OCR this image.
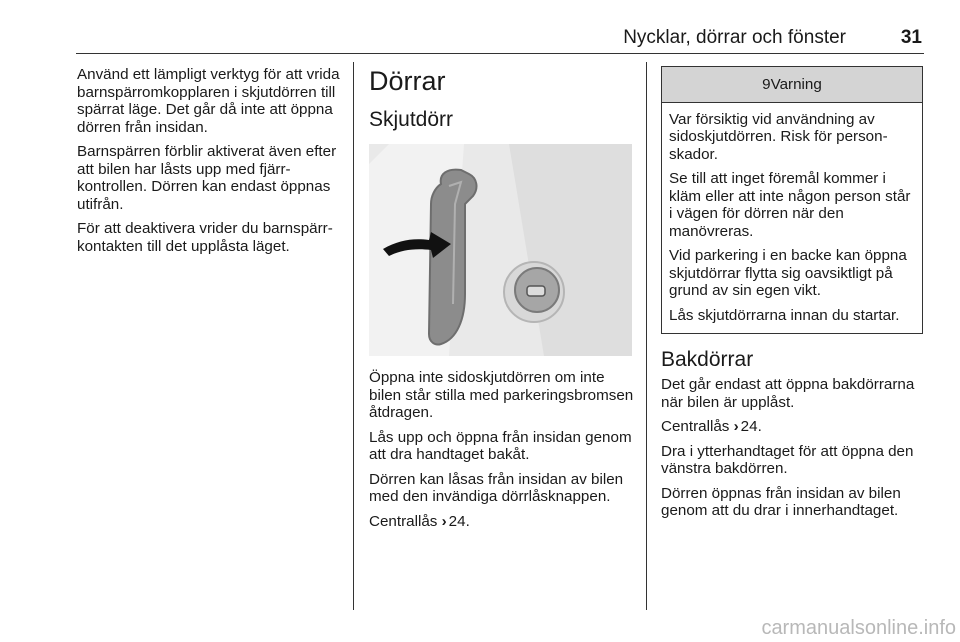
Nycklar, dörrar och fönster	31

Använd ett lämpligt verktyg för att vrida barnspärromkopplaren i skjutdörren till spärrat läge. Det går då inte att öppna dörren från insidan.

Barnspärren förblir aktiverat även efter att bilen har låsts upp med fjärrkontrollen. Dörren kan endast öppnas utifrån.

För att deaktivera vrider du barnspärrkontakten till det upplåsta läget.

Dörrar
Skjutdörr

Öppna inte sidoskjutdörren om inte bilen står stilla med parkeringsbromsen åtdragen.

Lås upp och öppna från insidan genom att dra handtaget bakåt.

Dörren kan låsas från insidan av bilen med den invändiga dörrlåsknappen.

Centrallås › 24.

9Varning

Var försiktig vid användning av sidoskjutdörren. Risk för personskador.

Se till att inget föremål kommer i kläm eller att inte någon person står i vägen för dörren när den manövreras.

Vid parkering i en backe kan öppna skjutdörrar flytta sig oavsiktligt på grund av sin egen vikt.

Lås skjutdörrarna innan du startar.

Bakdörrar

Det går endast att öppna bakdörrarna när bilen är upplåst.

Centrallås › 24.

Dra i ytterhandtaget för att öppna den vänstra bakdörren.

Dörren öppnas från insidan av bilen genom att du drar i innerhandtaget.

carmanualsonline.info
